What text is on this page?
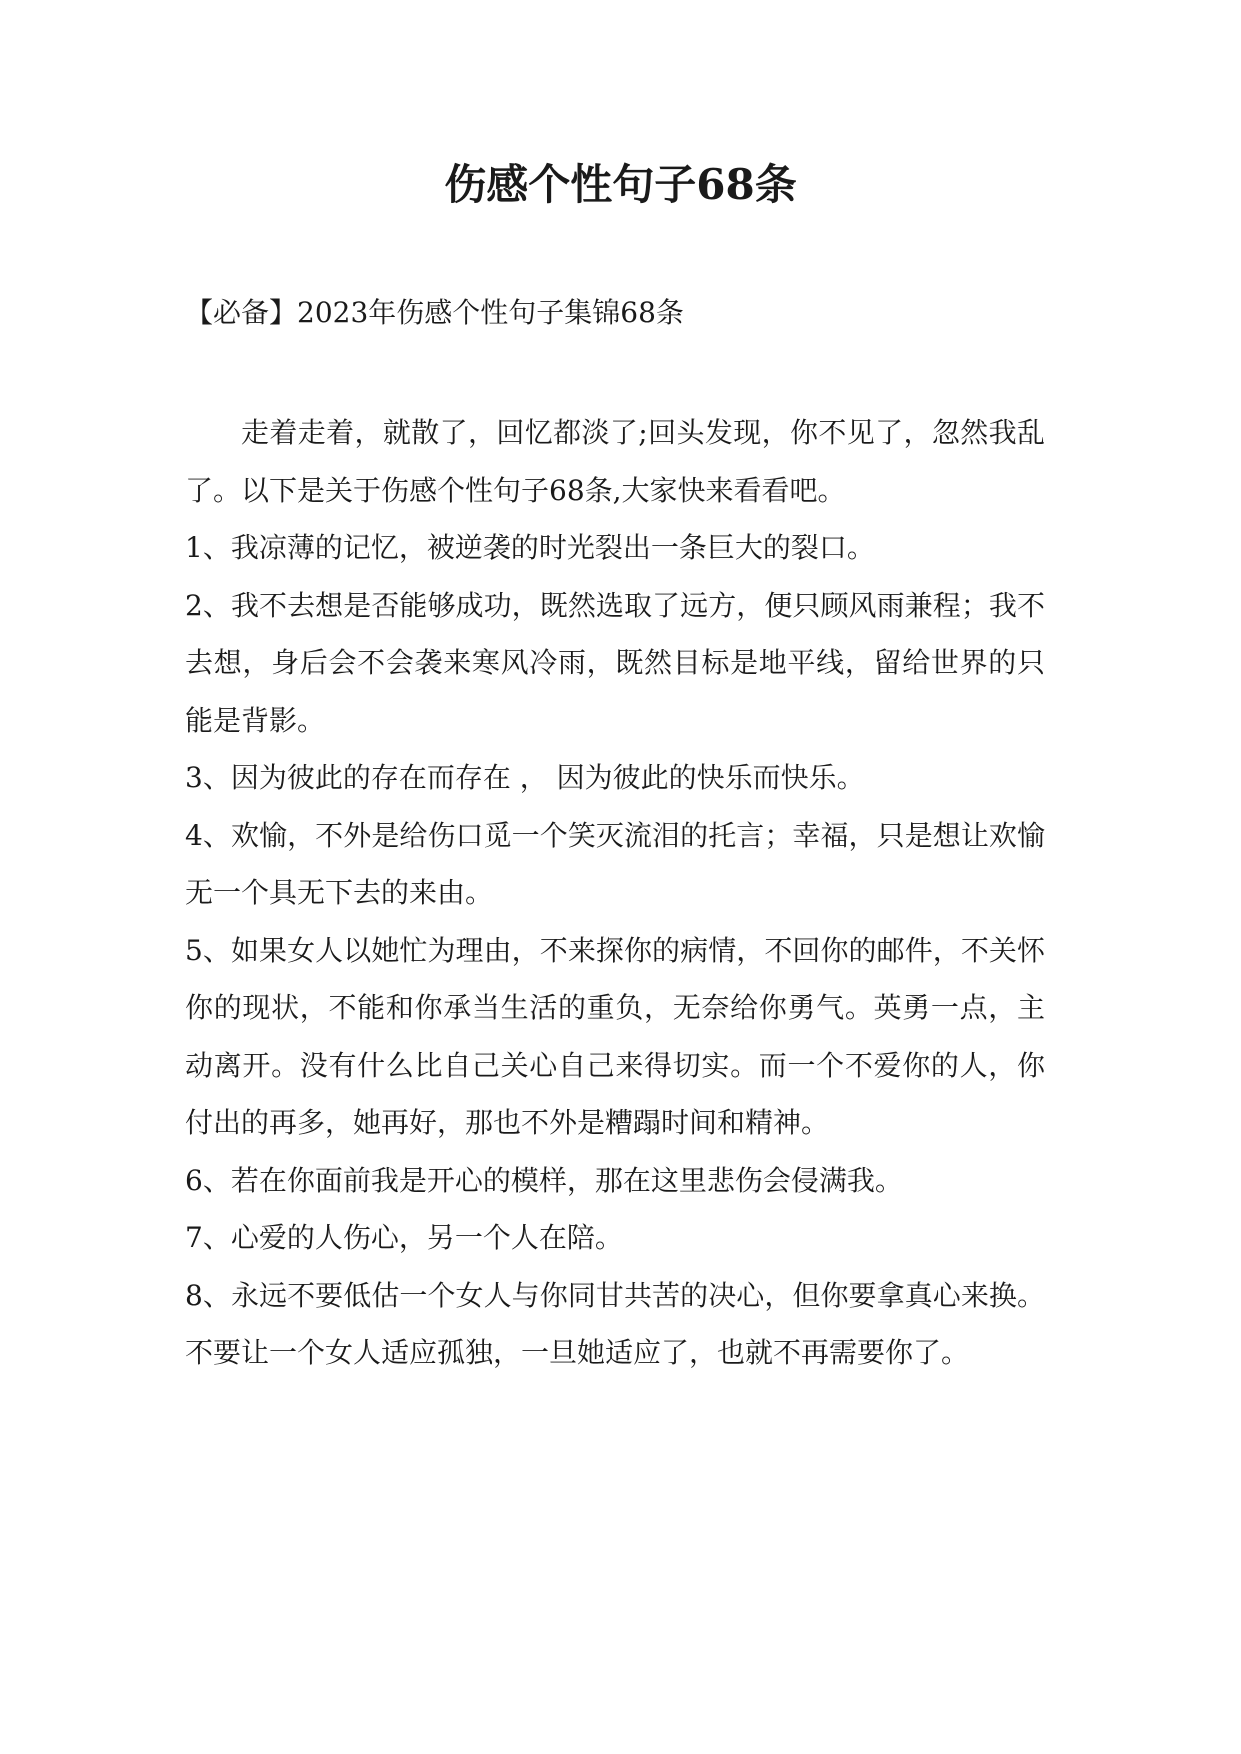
伤感个性句子68条

【必备】2023年伤感个性句子集锦68条

走着走着，就散了，回忆都淡了;回头发现，你不见了，忽然我乱了。以下是关于伤感个性句子68条,大家快来看看吧。

1、我凉薄的记忆，被逆袭的时光裂出一条巨大的裂口。

2、我不去想是否能够成功，既然选取了远方，便只顾风雨兼程；我不去想，身后会不会袭来寒风冷雨，既然目标是地平线，留给世界的只能是背影。

3、因为彼此的存在而存在 ， 因为彼此的快乐而快乐。

4、欢愉，不外是给伤口觅一个笑灭流泪的托言；幸福，只是想让欢愉无一个具无下去的来由。

5、如果女人以她忙为理由，不来探你的病情，不回你的邮件，不关怀你的现状，不能和你承当生活的重负，无奈给你勇气。英勇一点，主动离开。没有什么比自己关心自己来得切实。而一个不爱你的人，你付出的再多，她再好，那也不外是糟蹋时间和精神。

6、若在你面前我是开心的模样，那在这里悲伤会侵满我。

7、心爱的人伤心，另一个人在陪。

8、永远不要低估一个女人与你同甘共苦的决心，但你要拿真心来换。不要让一个女人适应孤独，一旦她适应了，也就不再需要你了。
